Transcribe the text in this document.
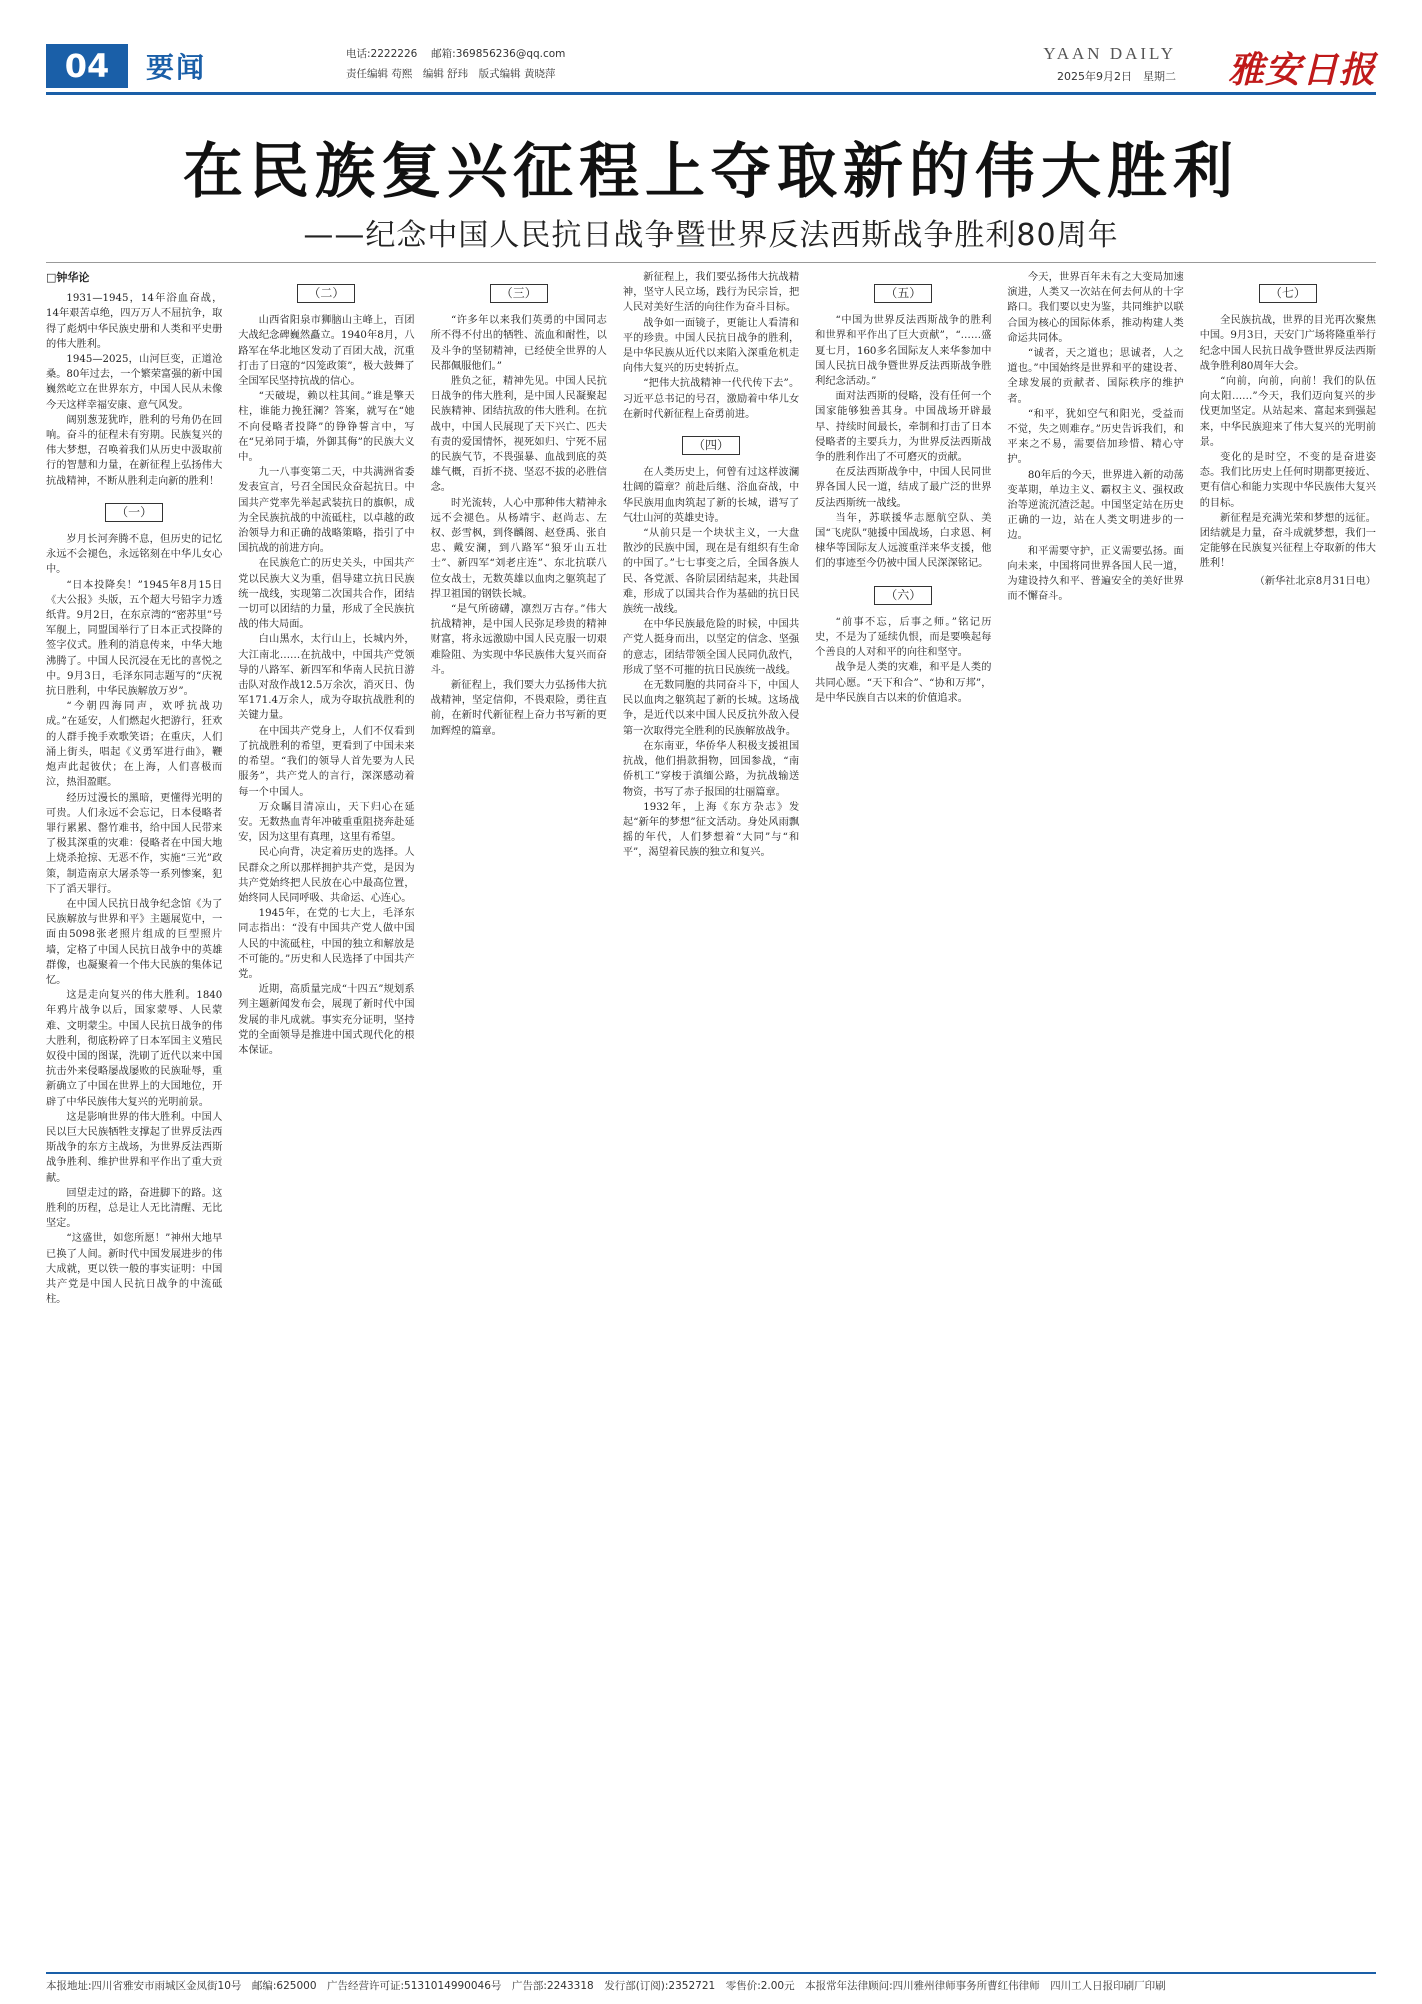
04	要闻	电话:2222226　 邮箱:369856236@qq.com
责任编辑 苟熙　编辑 舒玮　版式编辑 黄晓萍
YAAN DAILY
2025年9月2日　星期二 雅安日报
在民族复兴征程上夺取新的伟大胜利
——纪念中国人民抗日战争暨世界反法西斯战争胜利80周年
□钟华论

1931—1945，14年浴血奋战，14年艰苦卓绝，四万万人不屈抗争，取得了彪炳中华民族史册和人类和平史册的伟大胜利。

1945—2025，山河巨变，正道沧桑。80年过去，一个繁荣富强的新中国巍然屹立在世界东方，中国人民从未像今天这样幸福安康、意气风发。

阔别葱茏犹昨，胜利的号角仍在回响。奋斗的征程未有穷期。民族复兴的伟大梦想，召唤着我们从历史中汲取前行的智慧和力量，在新征程上弘扬伟大抗战精神，不断从胜利走向新的胜利！

（一）

岁月长河奔腾不息，但历史的记忆永远不会褪色，永远铭刻在中华儿女心中。

“日本投降矣！”1945年8月15日《大公报》头版，五个超大号铅字力透纸背。9月2日，在东京湾的“密苏里”号军舰上，同盟国举行了日本正式投降的签字仪式。胜利的消息传来，中华大地沸腾了。中国人民沉浸在无比的喜悦之中。9月3日，毛泽东同志题写的“庆祝抗日胜利，中华民族解放万岁”。

“今朝四海同声，欢呼抗战功成。”在延安，人们燃起火把游行，狂欢的人群手挽手欢歌笑语；在重庆，人们涌上街头，唱起《义勇军进行曲》，鞭炮声此起彼伏；在上海，人们喜极而泣，热泪盈眶。

经历过漫长的黑暗，更懂得光明的可贵。人们永远不会忘记，日本侵略者罪行累累、罄竹难书，给中国人民带来了极其深重的灾难：侵略者在中国大地上烧杀抢掠、无恶不作，实施“三光”政策，制造南京大屠杀等一系列惨案，犯下了滔天罪行。

在中国人民抗日战争纪念馆《为了民族解放与世界和平》主题展览中，一面由5098张老照片组成的巨型照片墙，定格了中国人民抗日战争中的英雄群像，也凝聚着一个伟大民族的集体记忆。

这是走向复兴的伟大胜利。1840年鸦片战争以后，国家蒙辱、人民蒙难、文明蒙尘。中国人民抗日战争的伟大胜利，彻底粉碎了日本军国主义殖民奴役中国的图谋，洗刷了近代以来中国抗击外来侵略屡战屡败的民族耻辱，重新确立了中国在世界上的大国地位，开辟了中华民族伟大复兴的光明前景。

这是影响世界的伟大胜利。中国人民以巨大民族牺牲支撑起了世界反法西斯战争的东方主战场，为世界反法西斯战争胜利、维护世界和平作出了重大贡献。

回望走过的路，奋进脚下的路。这胜利的历程，总是让人无比清醒、无比坚定。

“这盛世，如您所愿！”神州大地早已换了人间。新时代中国发展进步的伟大成就，更以铁一般的事实证明：中国共产党是中国人民抗日战争的中流砥柱。

（二）

山西省阳泉市狮脑山主峰上，百团大战纪念碑巍然矗立。1940年8月，八路军在华北地区发动了百团大战，沉重打击了日寇的“囚笼政策”，极大鼓舞了全国军民坚持抗战的信心。

“天破堤，赖以柱其间。”谁是擎天柱，谁能力挽狂澜？答案，就写在“她不向侵略者投降”的铮铮誓言中，写在“兄弟同于墙，外御其侮”的民族大义中。

九一八事变第二天，中共满洲省委发表宣言，号召全国民众奋起抗日。中国共产党率先举起武装抗日的旗帜，成为全民族抗战的中流砥柱，以卓越的政治领导力和正确的战略策略，指引了中国抗战的前进方向。

在民族危亡的历史关头，中国共产党以民族大义为重，倡导建立抗日民族统一战线，实现第二次国共合作，团结一切可以团结的力量，形成了全民族抗战的伟大局面。

白山黑水，太行山上，长城内外，大江南北……在抗战中，中国共产党领导的八路军、新四军和华南人民抗日游击队对敌作战12.5万余次，消灭日、伪军171.4万余人，成为夺取抗战胜利的关键力量。

在中国共产党身上，人们不仅看到了抗战胜利的希望，更看到了中国未来的希望。“我们的领导人首先要为人民服务”，共产党人的言行，深深感动着每一个中国人。

万众瞩目清凉山，天下归心在延安。无数热血青年冲破重重阻挠奔赴延安，因为这里有真理，这里有希望。

民心向背，决定着历史的选择。人民群众之所以那样拥护共产党，是因为共产党始终把人民放在心中最高位置，始终同人民同呼吸、共命运、心连心。

1945年，在党的七大上，毛泽东同志指出：“没有中国共产党人做中国人民的中流砥柱，中国的独立和解放是不可能的。”历史和人民选择了中国共产党。

近期，高质量完成“十四五”规划系列主题新闻发布会，展现了新时代中国发展的非凡成就。事实充分证明，坚持党的全面领导是推进中国式现代化的根本保证。

（三）

“许多年以来我们英勇的中国同志所不得不付出的牺牲、流血和耐性，以及斗争的坚韧精神，已经使全世界的人民都佩服他们。”

胜负之征，精神先见。中国人民抗日战争的伟大胜利，是中国人民凝聚起民族精神、团结抗敌的伟大胜利。在抗战中，中国人民展现了天下兴亡、匹夫有责的爱国情怀，视死如归、宁死不屈的民族气节，不畏强暴、血战到底的英雄气概，百折不挠、坚忍不拔的必胜信念。

时光流转，人心中那种伟大精神永远不会褪色。从杨靖宇、赵尚志、左权、彭雪枫，到佟麟阁、赵登禹、张自忠、戴安澜，到八路军“狼牙山五壮士”、新四军“刘老庄连”、东北抗联八位女战士，无数英雄以血肉之躯筑起了捍卫祖国的钢铁长城。

“是气所磅礴，凛烈万古存。”伟大抗战精神，是中国人民弥足珍贵的精神财富，将永远激励中国人民克服一切艰难险阻、为实现中华民族伟大复兴而奋斗。

新征程上，我们要大力弘扬伟大抗战精神，坚定信仰，不畏艰险，勇往直前，在新时代新征程上奋力书写新的更加辉煌的篇章。

新征程上，我们要弘扬伟大抗战精神，坚守人民立场，践行为民宗旨，把人民对美好生活的向往作为奋斗目标。

战争如一面镜子，更能让人看清和平的珍贵。中国人民抗日战争的胜利，是中华民族从近代以来陷入深重危机走向伟大复兴的历史转折点。

“把伟大抗战精神一代代传下去”。习近平总书记的号召，激励着中华儿女在新时代新征程上奋勇前进。

（四）

在人类历史上，何曾有过这样波澜壮阔的篇章？前赴后继、浴血奋战，中华民族用血肉筑起了新的长城，谱写了气壮山河的英雄史诗。

“从前只是一个块状主义，一大盘散沙的民族中国，现在是有组织有生命的中国了。”七七事变之后，全国各族人民、各党派、各阶层团结起来，共赴国难，形成了以国共合作为基础的抗日民族统一战线。

在中华民族最危险的时候，中国共产党人挺身而出，以坚定的信念、坚强的意志，团结带领全国人民同仇敌忾，形成了坚不可摧的抗日民族统一战线。

在无数同胞的共同奋斗下，中国人民以血肉之躯筑起了新的长城。这场战争，是近代以来中国人民反抗外敌入侵第一次取得完全胜利的民族解放战争。

在东南亚，华侨华人积极支援祖国抗战，他们捐款捐物，回国参战，“南侨机工”穿梭于滇缅公路，为抗战输送物资，书写了赤子报国的壮丽篇章。

1932年，上海《东方杂志》发起“新年的梦想”征文活动。身处风雨飘摇的年代，人们梦想着“大同”与“和平”，渴望着民族的独立和复兴。

（五）

“中国为世界反法西斯战争的胜利和世界和平作出了巨大贡献”，“……盛夏七月，160多名国际友人来华参加中国人民抗日战争暨世界反法西斯战争胜利纪念活动。”

面对法西斯的侵略，没有任何一个国家能够独善其身。中国战场开辟最早、持续时间最长，牵制和打击了日本侵略者的主要兵力，为世界反法西斯战争的胜利作出了不可磨灭的贡献。

在反法西斯战争中，中国人民同世界各国人民一道，结成了最广泛的世界反法西斯统一战线。

当年，苏联援华志愿航空队、美国“飞虎队”驰援中国战场，白求恩、柯棣华等国际友人远渡重洋来华支援，他们的事迹至今仍被中国人民深深铭记。

（六）

“前事不忘，后事之师。”铭记历史，不是为了延续仇恨，而是要唤起每个善良的人对和平的向往和坚守。

战争是人类的灾难，和平是人类的共同心愿。“天下和合”、“协和万邦”，是中华民族自古以来的价值追求。

今天，世界百年未有之大变局加速演进，人类又一次站在何去何从的十字路口。我们要以史为鉴，共同维护以联合国为核心的国际体系，推动构建人类命运共同体。

“诚者，天之道也；思诚者，人之道也。”中国始终是世界和平的建设者、全球发展的贡献者、国际秩序的维护者。

“和平，犹如空气和阳光，受益而不觉，失之则难存。”历史告诉我们，和平来之不易，需要倍加珍惜、精心守护。

80年后的今天，世界进入新的动荡变革期，单边主义、霸权主义、强权政治等逆流沉渣泛起。中国坚定站在历史正确的一边，站在人类文明进步的一边。

和平需要守护，正义需要弘扬。面向未来，中国将同世界各国人民一道，为建设持久和平、普遍安全的美好世界而不懈奋斗。

（七）

全民族抗战，世界的目光再次聚焦中国。9月3日，天安门广场将隆重举行纪念中国人民抗日战争暨世界反法西斯战争胜利80周年大会。

“向前，向前，向前！我们的队伍向太阳……”今天，我们迈向复兴的步伐更加坚定。从站起来、富起来到强起来，中华民族迎来了伟大复兴的光明前景。

变化的是时空，不变的是奋进姿态。我们比历史上任何时期都更接近、更有信心和能力实现中华民族伟大复兴的目标。

新征程是充满光荣和梦想的远征。团结就是力量，奋斗成就梦想，我们一定能够在民族复兴征程上夺取新的伟大胜利！

（新华社北京8月31日电）
本报地址:四川省雅安市雨城区金凤街10号　邮编:625000　广告经营许可证:5131014990046号　广告部:2243318　发行部(订阅):2352721　零售价:2.00元　本报常年法律顾问:四川雅州律师事务所曹红伟律师　四川工人日报印刷厂印刷
